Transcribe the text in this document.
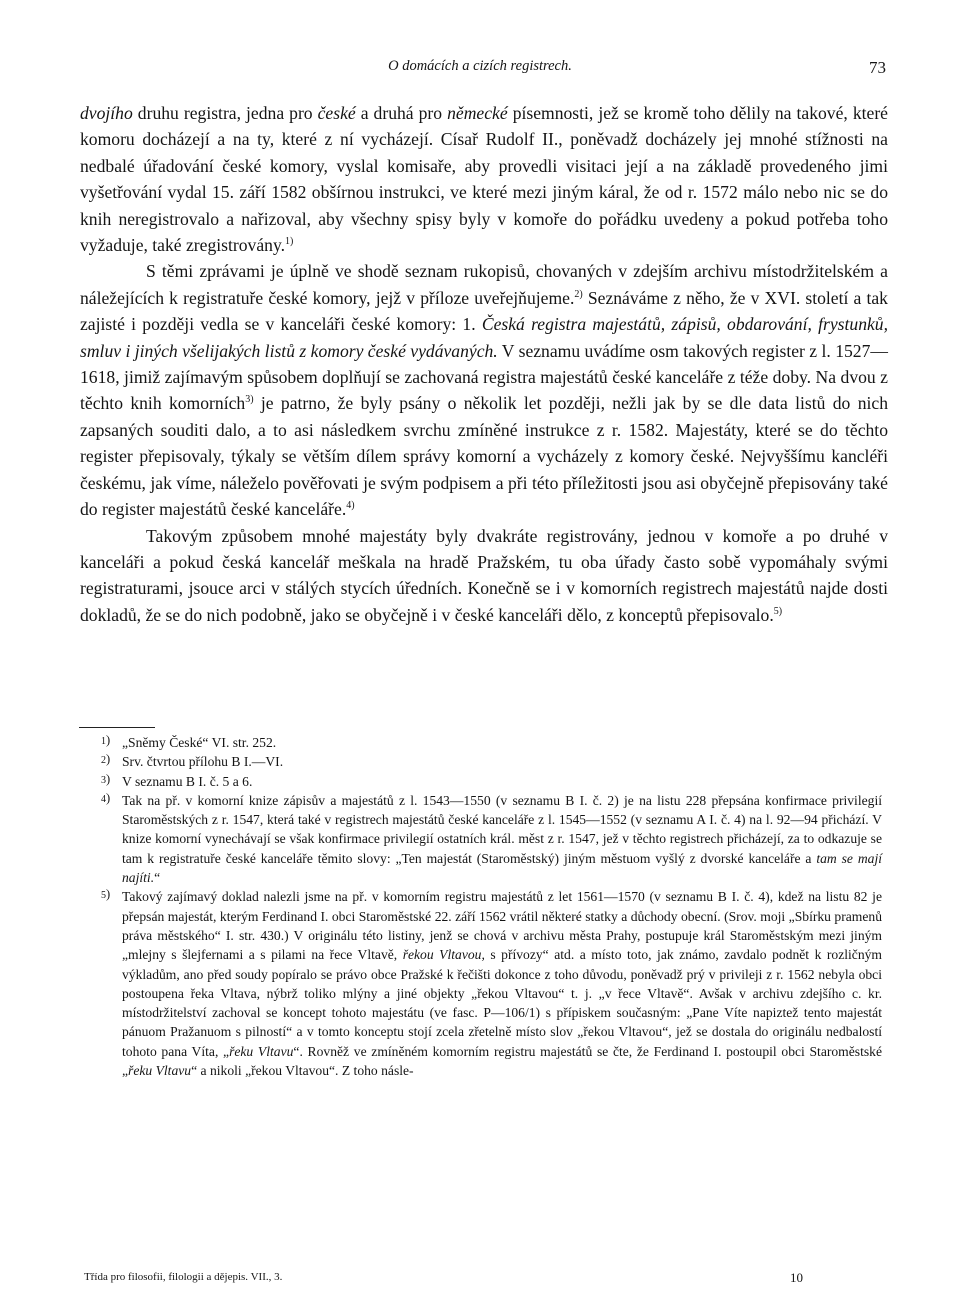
O domácích a cizích registrech.	73

dvojího druhu registra, jedna pro české a druhá pro německé písemnosti, jež se kromě toho dělily na takové, které komoru docházejí a na ty, které z ní vycházejí. Císař Rudolf II., poněvadž docházely jej mnohé stížnosti na nedbalé úřadování české komory, vyslal komisaře, aby provedli visitaci její a na základě provedeného jimi vyšetřování vydal 15. září 1582 obšírnou instrukci, ve které mezi jiným káral, že od r. 1572 málo nebo nic se do knih neregistrovalo a nařizoval, aby všechny spisy byly v komoře do pořádku uvedeny a pokud potřeba toho vyžaduje, také zregistrovány.$^{1)}$

S těmi zprávami je úplně ve shodě seznam rukopisů, chovaných v zdejším archivu místodržitelském a náležejících k registratuře české komory, jejž v příloze uveřejňujeme.$^{2)}$ Seznáváme z něho, že v XVI. století a tak zajisté i později vedla se v kanceláři české komory: 1. Česká registra majestátů, zápisů, obdarování, frystunků, smluv i jiných všelijakých listů z komory české vydávaných. V seznamu uvádíme osm takových register z l. 1527—1618, jimiž zajímavým spůsobem doplňují se zachovaná registra majestátů české kanceláře z téže doby. Na dvou z těchto knih komorních$^{3)}$ je patrno, že byly psány o několik let později, nežli jak by se dle data listů do nich zapsaných souditi dalo, a to asi následkem svrchu zmíněné instrukce z r. 1582. Majestáty, které se do těchto register přepisovaly, týkaly se větším dílem správy komorní a vycházely z komory české. Nejvyššímu kancléři českému, jak víme, náleželo pověřovati je svým podpisem a při této příležitosti jsou asi obyčejně přepisovány také do register majestátů české kanceláře.$^{4)}$

Takovým způsobem mnohé majestáty byly dvakráte registrovány, jednou v komoře a po druhé v kanceláři a pokud česká kancelář meškala na hradě Pražském, tu oba úřady často sobě vypomáhaly svými registraturami, jsouce arci v stálých stycích úředních. Konečně se i v komorních registrech majestátů najde dosti dokladů, že se do nich podobně, jako se obyčejně i v české kanceláři dělo, z konceptů přepisovalo.$^{5)}$

1) „Sněmy České“ VI. str. 252.
2) Srv. čtvrtou přílohu B I.—VI.
3) V seznamu B I. č. 5 a 6.
4) Tak na př. v komorní knize zápisův a majestátů z l. 1543—1550 (v seznamu B I. č. 2) je na listu 228 přepsána konfirmace privilegií Staroměstských z r. 1547, která také v registrech majestátů české kanceláře z l. 1545—1552 (v seznamu A I. č. 4) na l. 92—94 přichází. V knize komorní vynechávají se však konfirmace privilegií ostatních král. měst z r. 1547, jež v těchto registrech přicházejí, za to odkazuje se tam k registratuře české kanceláře těmito slovy: „Ten majestát (Staroměstský) jiným městuom vyšlý z dvorské kanceláře a tam se mají najíti.“
5) Takový zajímavý doklad nalezli jsme na př. v komorním registru majestátů z let 1561—1570 (v seznamu B I. č. 4), kdež na listu 82 je přepsán majestát, kterým Ferdinand I. obci Staroměstské 22. září 1562 vrátil některé statky a důchody obecní. (Srov. moji „Sbírku pramenů práva městského“ I. str. 430.) V originálu této listiny, jenž se chová v archivu města Prahy, postupuje král Staroměstským mezi jiným „mlejny s šlejfernami a s pilami na řece Vltavě, řekou Vltavou, s přívozy“ atd. a místo toto, jak známo, zavdalo podnět k rozličným výkladům, ano před soudy popíralo se právo obce Pražské k řečišti dokonce z toho důvodu, poněvadž prý v privileji z r. 1562 nebyla obci postoupena řeka Vltava, nýbrž toliko mlýny a jiné objekty „řekou Vltavou“ t. j. „v řece Vltavě“. Avšak v archivu zdejšího c. kr. místodržitelství zachoval se koncept tohoto majestátu (ve fasc. P—106/1) s přípiskem současným: „Pane Víte napiztež tento majestát pánuom Pražanuom s pilností“ a v tomto konceptu stojí zcela zřetelně místo slov „řekou Vltavou“, jež se dostala do originálu nedbalostí tohoto pana Víta, „řeku Vltavu“. Rovněž ve zmíněném komorním registru majestátů se čte, že Ferdinand I. postoupil obci Staroměstské „řeku Vltavu“ a nikoli „řekou Vltavou“. Z toho násle-
Třída pro filosofii, filologii a dějepis. VII., 3.	10
